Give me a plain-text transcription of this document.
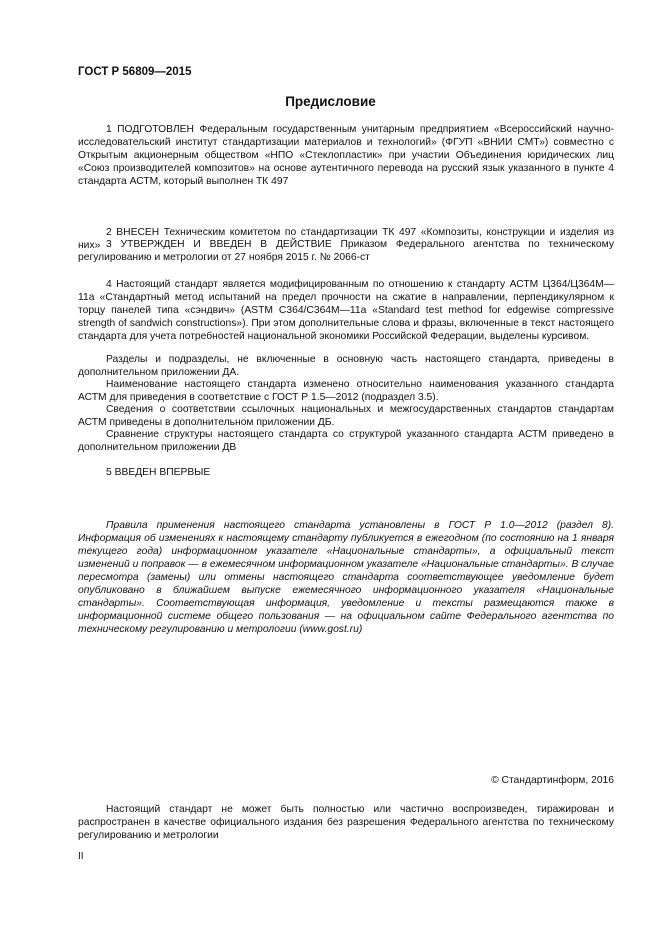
ГОСТ Р 56809—2015
Предисловие

1 ПОДГОТОВЛЕН Федеральным государственным унитарным предприятием «Всероссийский научно-исследовательский институт стандартизации материалов и технологий» (ФГУП «ВНИИ СМТ») совместно с Открытым акционерным обществом «НПО «Стеклопластик» при участии Объединения юридических лиц «Союз производителей композитов» на основе аутентичного перевода на русский язык указанного в пункте 4 стандарта АСТМ, который выполнен ТК 497

2 ВНЕСЕН Техническим комитетом по стандартизации ТК 497 «Композиты, конструкции и изделия из них» 3 УТВЕРЖДЕН И ВВЕДЕН В ДЕЙСТВИЕ Приказом Федерального агентства по техническому регулированию и метрологии от 27 ноября 2015 г. № 2066-ст

4 Настоящий стандарт является модифицированным по отношению к стандарту АСТМ Ц364/Ц364М—11а «Стандартный метод испытаний на предел прочности на сжатие в направлении, перпендикулярном к торцу панелей типа «сэндвич» (ASTM C364/C364M—11a «Standard test method for edgewise compressive strength of sandwich constructions»). При этом дополнительные слова и фразы, включенные в текст настоящего стандарта для учета потребностей национальной экономики Российской Федерации, выделены курсивом.

Разделы и подразделы, не включенные в основную часть настоящего стандарта, приведены в дополнительном приложении ДА.

Наименование настоящего стандарта изменено относительно наименования указанного стандарта АСТМ для приведения в соответствие с ГОСТ Р 1.5—2012 (подраздел 3.5).

Сведения о соответствии ссылочных национальных и межгосударственных стандартов стандартам АСТМ приведены в дополнительном приложении ДБ.

Сравнение структуры настоящего стандарта со структурой указанного стандарта АСТМ приведено в дополнительном приложении ДВ

5 ВВЕДЕН ВПЕРВЫЕ

Правила применения настоящего стандарта установлены в ГОСТ Р 1.0—2012 (раздел 8). Информация об изменениях к настоящему стандарту публикуется в ежегодном (по состоянию на 1 января текущего года) информационном указателе «Национальные стандарты», а официальный текст изменений и поправок — в ежемесячном информационном указателе «Национальные стандарты». В случае пересмотра (замены) или отмены настоящего стандарта соответствующее уведомление будет опубликовано в ближайшем выпуске ежемесячного информационного указателя «Национальные стандарты». Соответствующая информация, уведомление и тексты размещаются также в информационной системе общего пользования — на официальном сайте Федерального агентства по техническому регулированию и метрологии (www.gost.ru)

© Стандартинформ, 2016

Настоящий стандарт не может быть полностью или частично воспроизведен, тиражирован и распространен в качестве официального издания без разрешения Федерального агентства по техническому регулированию и метрологии

II
